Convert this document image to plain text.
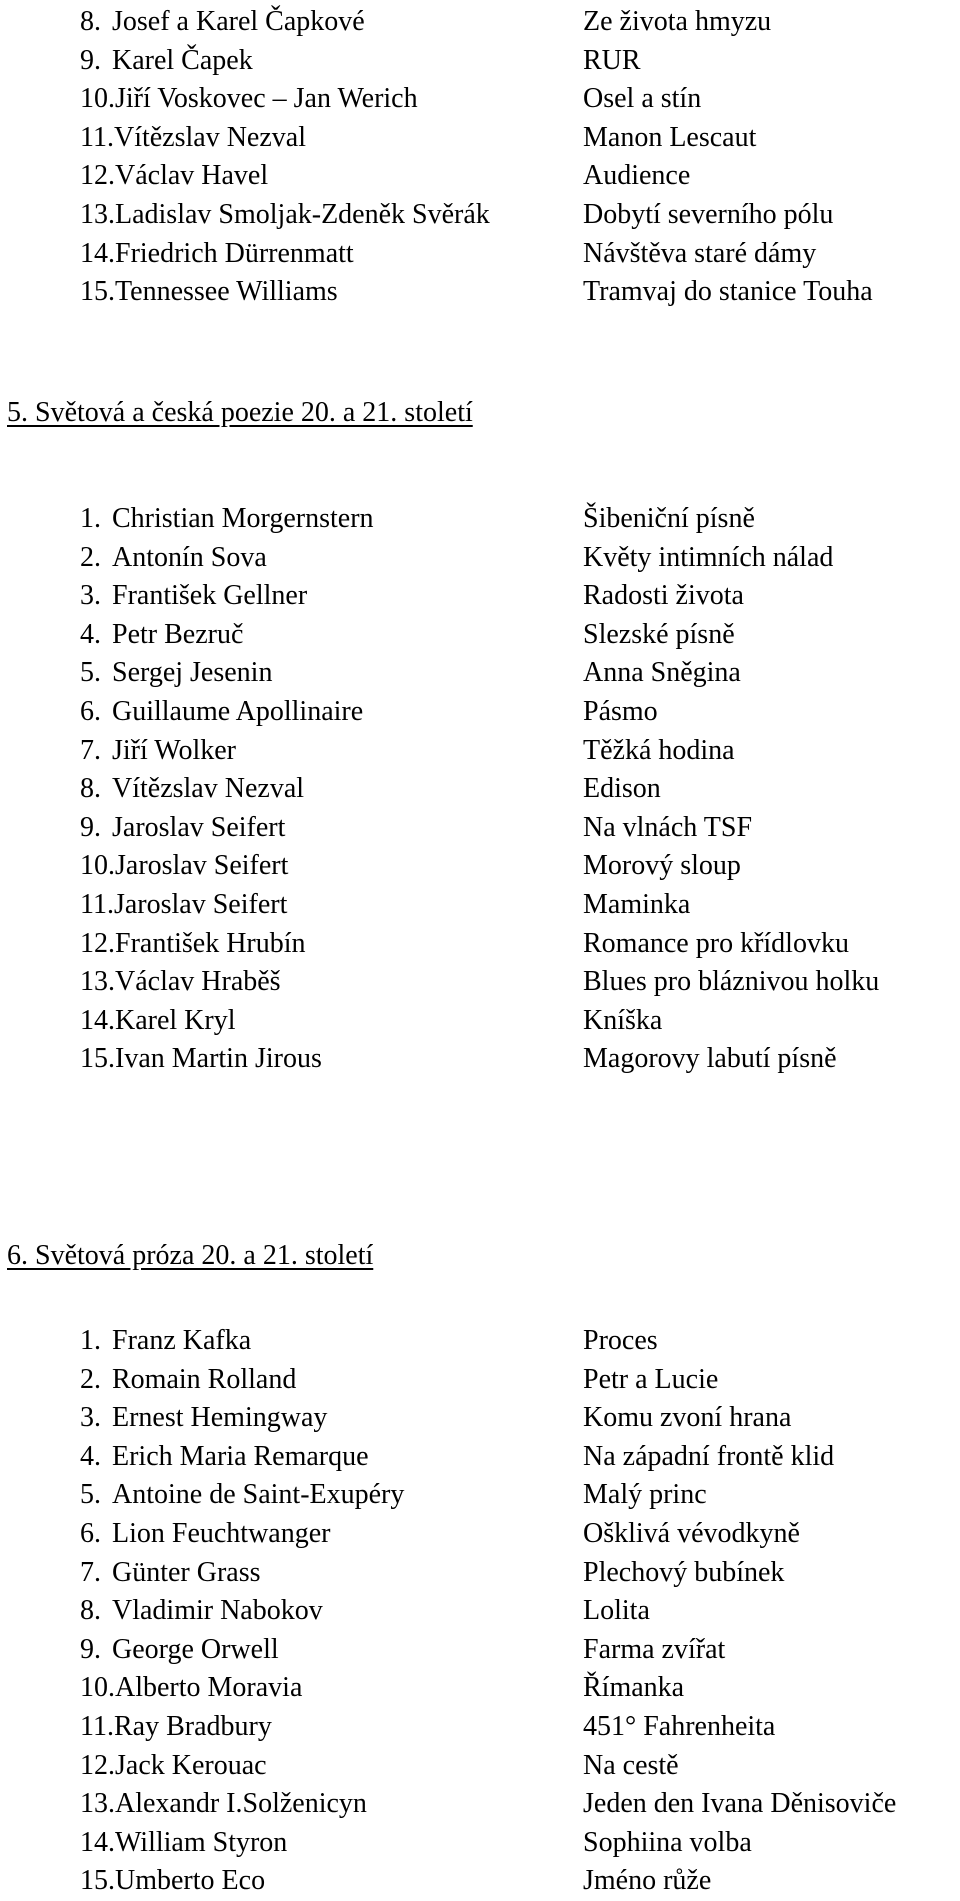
8. Josef a Karel Čapkové	Ze života hmyzu
9. Karel Čapek	RUR
10.Jiří Voskovec – Jan Werich	Osel a stín
11.Vítězslav Nezval	Manon Lescaut
12.Václav Havel	Audience
13.Ladislav Smoljak-Zdeněk Svěrák	Dobytí severního pólu
14.Friedrich Dürrenmatt	Návštěva staré dámy
15.Tennessee Williams	Tramvaj do stanice Touha
5. Světová a česká poezie 20. a 21. století
1. Christian Morgernstern	Šibeniční písně
2. Antonín Sova	Květy intimních nálad
3. František Gellner	Radosti života
4. Petr Bezruč	Slezské písně
5. Sergej Jesenin	Anna Sněgina
6. Guillaume Apollinaire	Pásmo
7. Jiří Wolker	Těžká hodina
8. Vítězslav Nezval	Edison
9. Jaroslav Seifert	Na vlnách TSF
10.Jaroslav Seifert	Morový sloup
11.Jaroslav Seifert	Maminka
12.František Hrubín	Romance pro křídlovku
13.Václav Hraběš	Blues pro bláznivou holku
14.Karel Kryl	Kníška
15.Ivan Martin Jirous	Magorovy labutí písně
6. Světová próza 20. a 21. století
1. Franz Kafka	Proces
2. Romain Rolland	Petr a Lucie
3. Ernest Hemingway	Komu zvoní hrana
4. Erich Maria Remarque	Na západní frontě klid
5. Antoine de Saint-Exupéry	Malý princ
6. Lion Feuchtwanger	Ošklivá vévodkyně
7. Günter Grass	Plechový bubínek
8. Vladimir Nabokov	Lolita
9. George Orwell	Farma zvířat
10.Alberto Moravia	Římanka
11.Ray Bradbury	451° Fahrenheita
12.Jack Kerouac	Na cestě
13.Alexandr I.Solženicyn	Jeden den Ivana Děnisoviče
14.William Styron	Sophiina volba
15.Umberto Eco	Jméno růže
